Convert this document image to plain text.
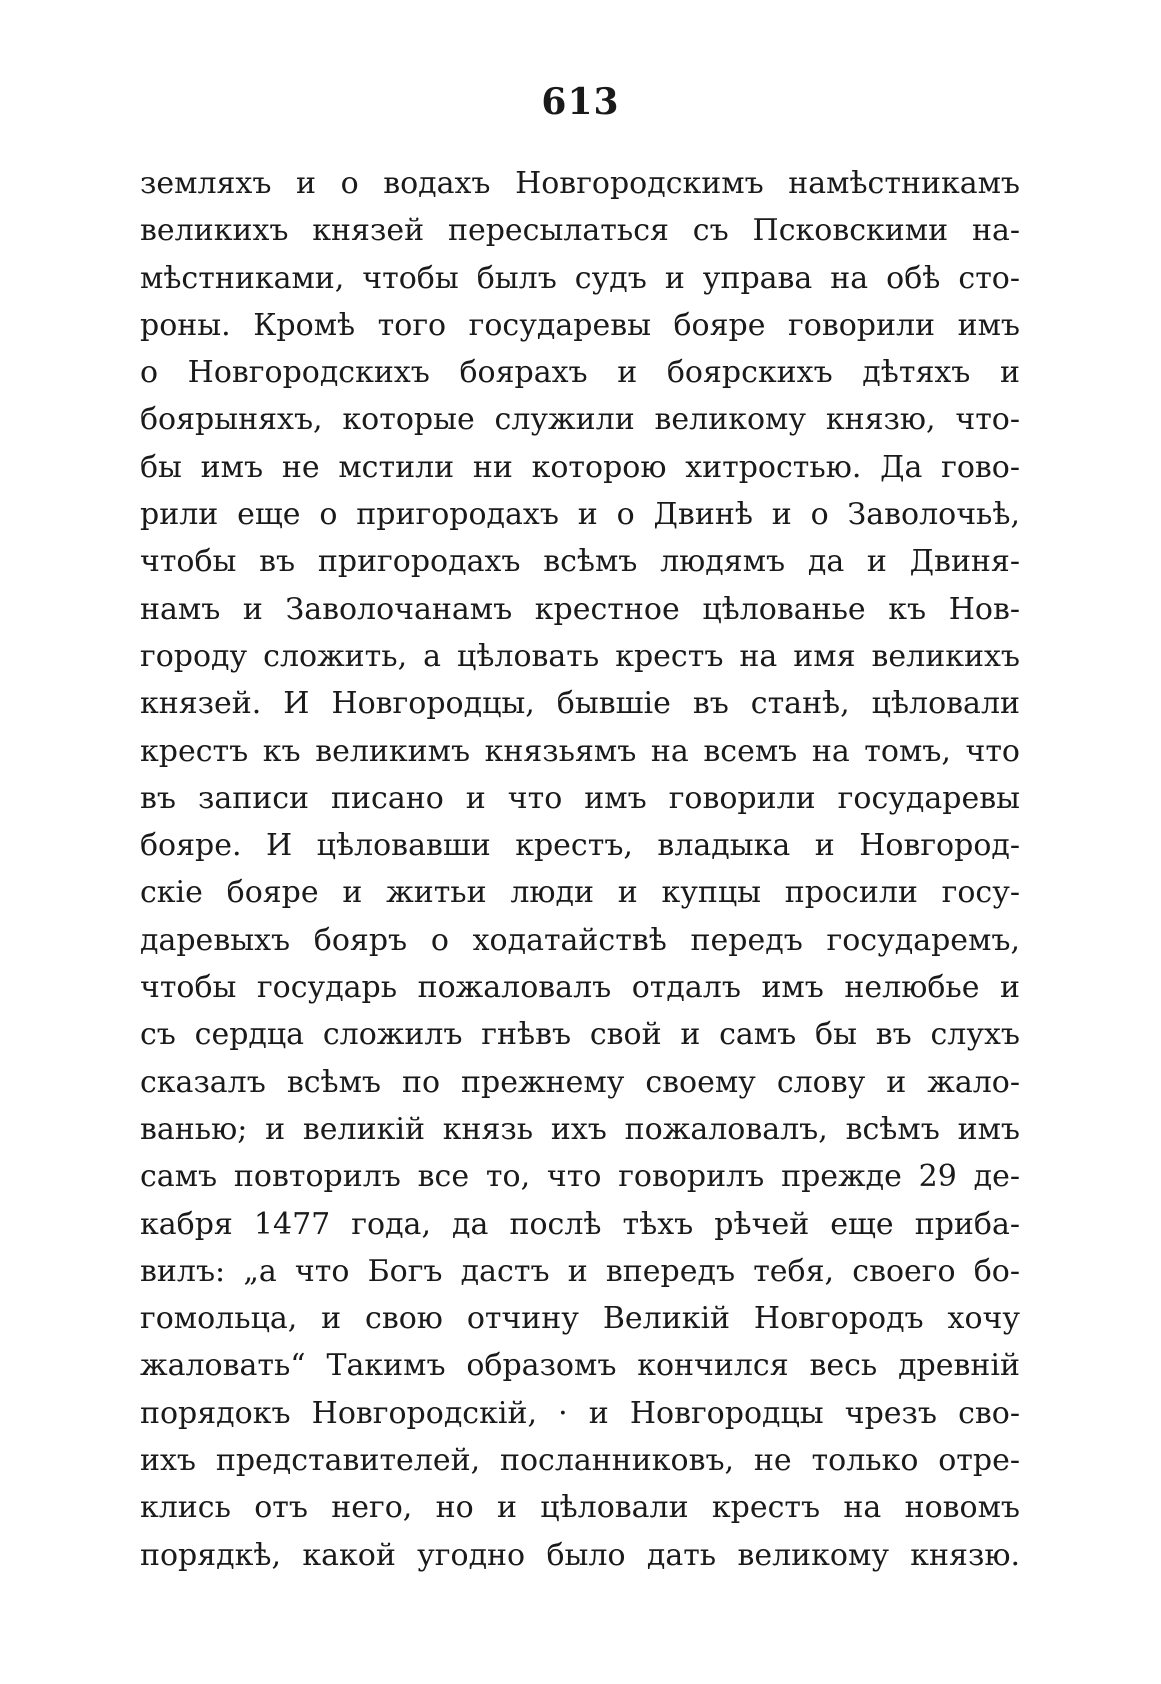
613
земляхъ и о водахъ Новгородскимъ намѣстникамъ
великихъ князей пересылаться съ Псковскими на-
мѣстниками, чтобы былъ судъ и управа на обѣ сто-
роны. Кромѣ того государевы бояре говорили имъ
о Новгородскихъ боярахъ и боярскихъ дѣтяхъ и
боярыняхъ, которые служили великому князю, что-
бы имъ не мстили ни которою хитростью. Да гово-
рили еще о пригородахъ и о Двинѣ и о Заволочьѣ,
чтобы въ пригородахъ всѣмъ людямъ да и Двиня-
намъ и Заволочанамъ крестное цѣлованье къ Нов-
городу сложить, а цѣловать крестъ на имя великихъ
князей. И Новгородцы, бывшіе въ станѣ, цѣловали
крестъ къ великимъ князьямъ на всемъ на томъ, что
въ записи писано и что имъ говорили государевы
бояре. И цѣловавши крестъ, владыка и Новгород-
скіе бояре и житьи люди и купцы просили госу-
даревыхъ бояръ о ходатайствѣ передъ государемъ,
чтобы государь пожаловалъ отдалъ имъ нелюбье и
съ сердца сложилъ гнѣвъ свой и самъ бы въ слухъ
сказалъ всѣмъ по прежнему своему слову и жало-
ванью; и великій князь ихъ пожаловалъ, всѣмъ имъ
самъ повторилъ все то, что говорилъ прежде 29 де-
кабря 1477 года, да послѣ тѣхъ рѣчей еще приба-
вилъ: „а что Богъ дастъ и впередъ тебя, своего бо-
гомольца, и свою отчину Великій Новгородъ хочу
жаловать“ Такимъ образомъ кончился весь древній
порядокъ Новгородскій, · и Новгородцы чрезъ сво-
ихъ представителей, посланниковъ, не только отре-
клись отъ него, но и цѣловали крестъ на новомъ
порядкѣ, какой угодно было дать великому князю.
